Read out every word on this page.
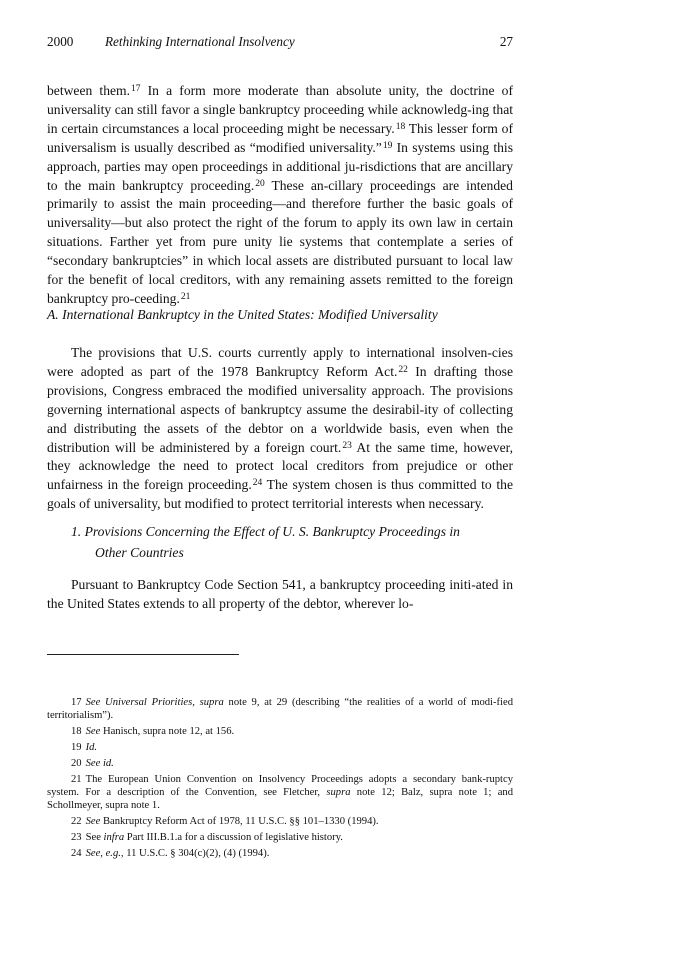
2000 Rethinking International Insolvency	27

between them.$^{17}$ In a form more moderate than absolute unity, the doctrine of universality can still favor a single bankruptcy proceeding while acknowledg-ing that in certain circumstances a local proceeding might be necessary.$^{18}$ This lesser form of universalism is usually described as “modified universality.”$^{19}$ In systems using this approach, parties may open proceedings in additional ju-risdictions that are ancillary to the main bankruptcy proceeding.$^{20}$ These an-cillary proceedings are intended primarily to assist the main proceeding—and therefore further the basic goals of universality—but also protect the right of the forum to apply its own law in certain situations. Farther yet from pure unity lie systems that contemplate a series of “secondary bankruptcies” in which local assets are distributed pursuant to local law for the benefit of local creditors, with any remaining assets remitted to the foreign bankruptcy pro-ceeding.$^{21}$

A. International Bankruptcy in the United States: Modified Universality

The provisions that U.S. courts currently apply to international insolven-cies were adopted as part of the 1978 Bankruptcy Reform Act.$^{22}$ In drafting those provisions, Congress embraced the modified universality approach. The provisions governing international aspects of bankruptcy assume the desirabil-ity of collecting and distributing the assets of the debtor on a worldwide basis, even when the distribution will be administered by a foreign court.$^{23}$ At the same time, however, they acknowledge the need to protect local creditors from prejudice or other unfairness in the foreign proceeding.$^{24}$ The system chosen is thus committed to the goals of universality, but modified to protect territorial interests when necessary.

1. Provisions Concerning the Effect of U. S. Bankruptcy Proceedings in
Other Countries

Pursuant to Bankruptcy Code Section 541, a bankruptcy proceeding initi-ated in the United States extends to all property of the debtor, wherever lo-

17 See Universal Priorities, supra note 9, at 29 (describing “the realities of a world of modi-fied territorialism”).

18 See Hanisch, supra note 12, at 156.

19 Id.

20 See id.

21 The European Union Convention on Insolvency Proceedings adopts a secondary bank-ruptcy system. For a description of the Convention, see Fletcher, supra note 12; Balz, supra note 1; and Schollmeyer, supra note 1.

22 See Bankruptcy Reform Act of 1978, 11 U.S.C. §§ 101–1330 (1994).

23 See infra Part III.B.1.a for a discussion of legislative history.

24 See, e.g., 11 U.S.C. § 304(c)(2), (4) (1994).
